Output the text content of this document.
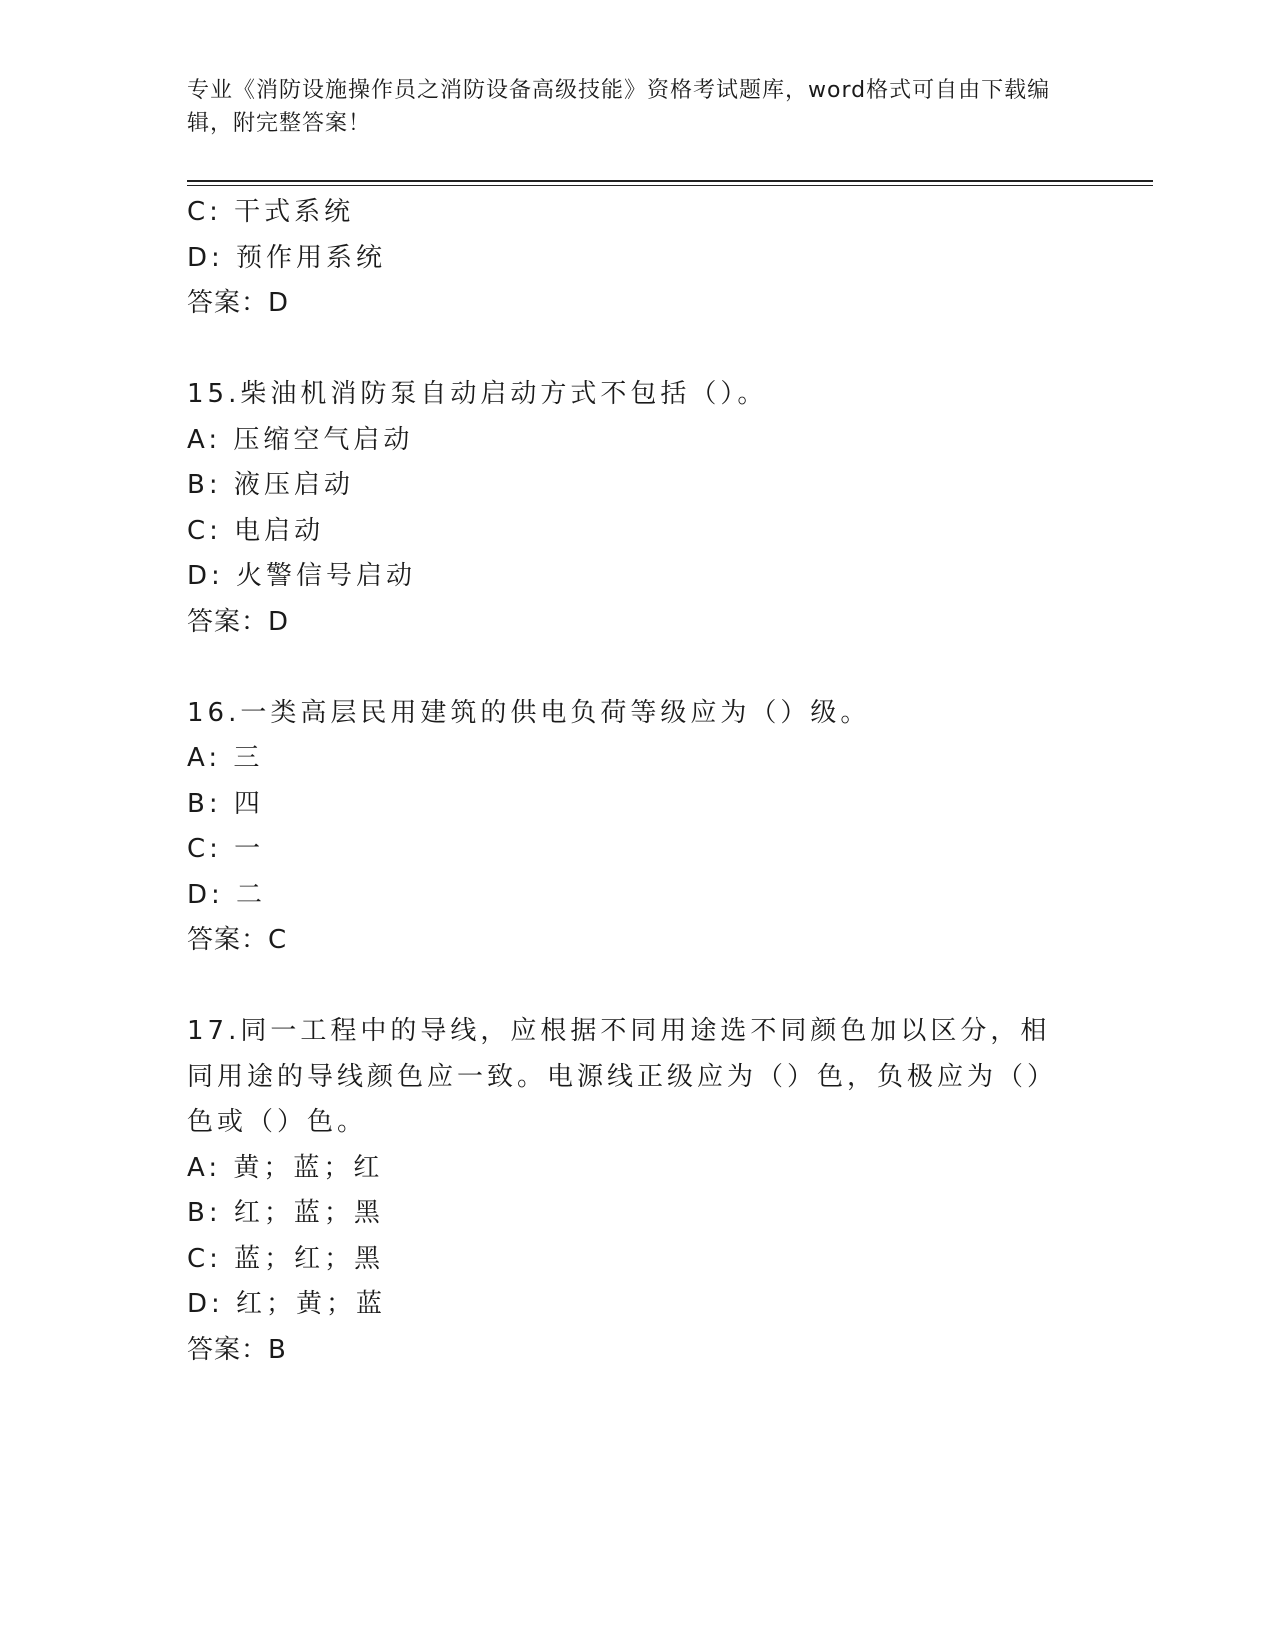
专业《消防设施操作员之消防设备高级技能》资格考试题库，word格式可自由下载编辑，附完整答案！
C: 干式系统
D: 预作用系统
答案：D
15.柴油机消防泵自动启动方式不包括（）。
A: 压缩空气启动
B: 液压启动
C: 电启动
D: 火警信号启动
答案：D
16.一类高层民用建筑的供电负荷等级应为（）级。
A: 三
B: 四
C: 一
D: 二
答案：C
17.同一工程中的导线，应根据不同用途选不同颜色加以区分，相同用途的导线颜色应一致。电源线正级应为（）色，负极应为（）色或（）色。
A: 黄；蓝；红
B: 红；蓝；黑
C: 蓝；红；黑
D: 红；黄；蓝
答案：B
